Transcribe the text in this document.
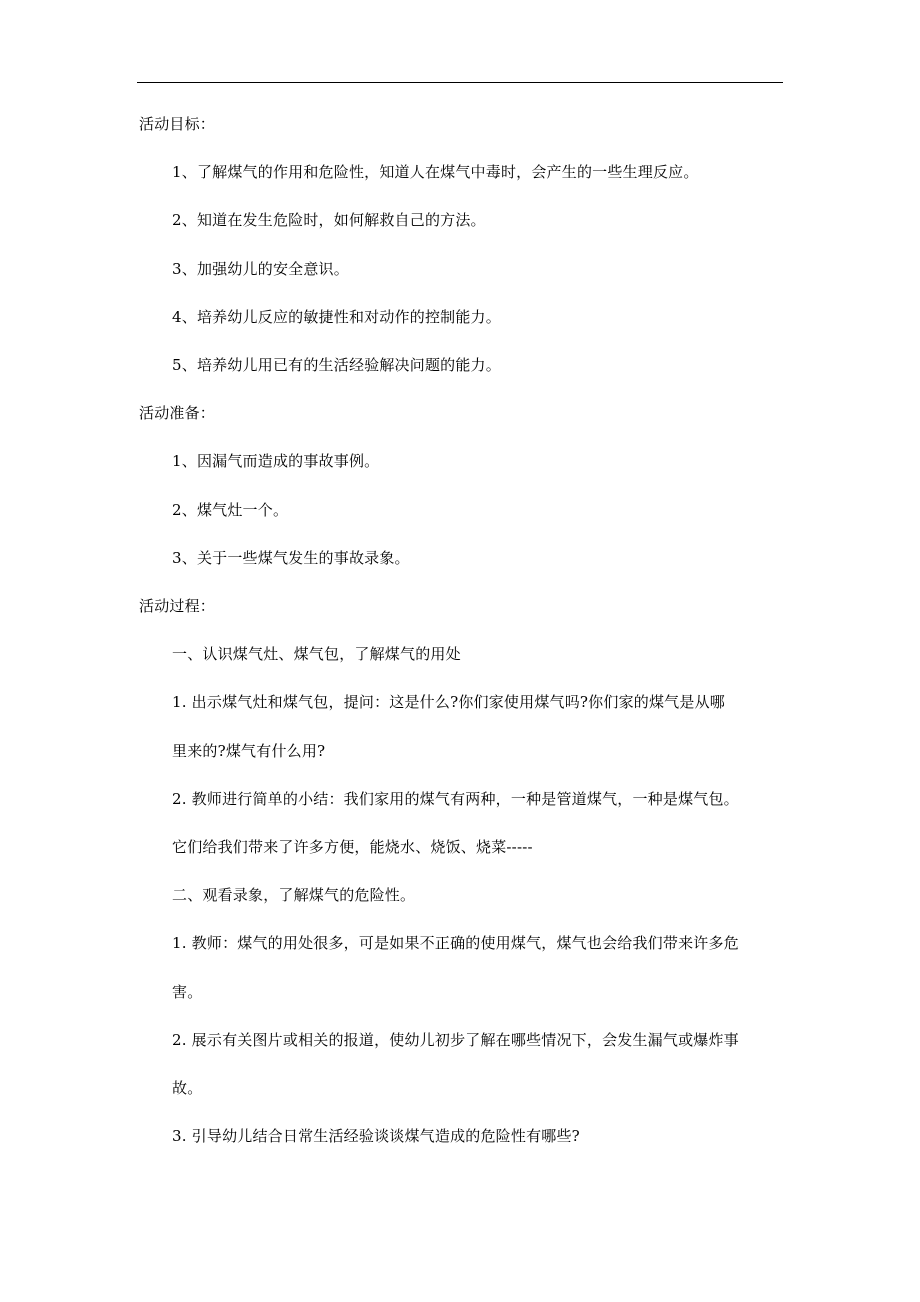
活动目标：
1、了解煤气的作用和危险性，知道人在煤气中毒时，会产生的一些生理反应。
2、知道在发生危险时，如何解救自己的方法。
3、加强幼儿的安全意识。
4、培养幼儿反应的敏捷性和对动作的控制能力。
5、培养幼儿用已有的生活经验解决问题的能力。
活动准备：
1、因漏气而造成的事故事例。
2、煤气灶一个。
3、关于一些煤气发生的事故录象。
活动过程：
一、认识煤气灶、煤气包，了解煤气的用处
1. 出示煤气灶和煤气包，提问：这是什么?你们家使用煤气吗?你们家的煤气是从哪
里来的?煤气有什么用?
2. 教师进行简单的小结：我们家用的煤气有两种，一种是管道煤气，一种是煤气包。
它们给我们带来了许多方便，能烧水、烧饭、烧菜-----
二、观看录象，了解煤气的危险性。
1. 教师：煤气的用处很多，可是如果不正确的使用煤气，煤气也会给我们带来许多危
害。
2. 展示有关图片或相关的报道，使幼儿初步了解在哪些情况下，会发生漏气或爆炸事
故。
3. 引导幼儿结合日常生活经验谈谈煤气造成的危险性有哪些?
